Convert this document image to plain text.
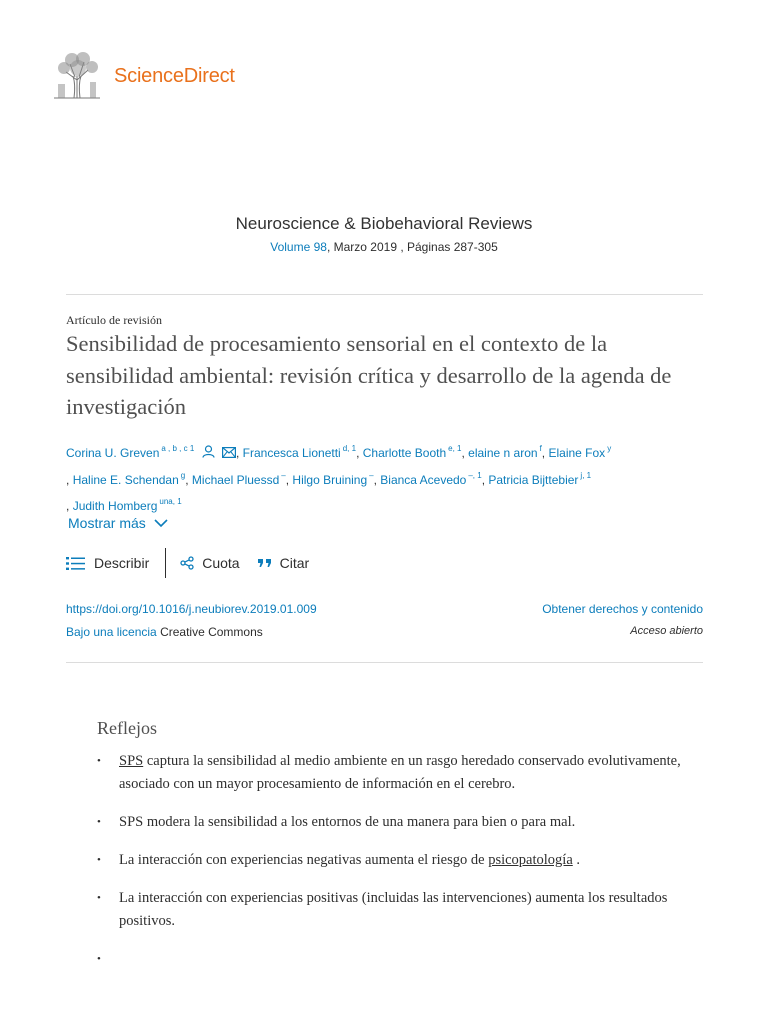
ScienceDirect
Neuroscience & Biobehavioral Reviews
Volume 98, Marzo 2019 , Páginas 287-305
Artículo de revisión
Sensibilidad de procesamiento sensorial en el contexto de la sensibilidad ambiental: revisión crítica y desarrollo de la agenda de investigación
Corina U. Greven $^{a , b , c 1}$	, Francesca Lionetti $^{d, 1}$, Charlotte Booth $^{e, 1}$, elaine n aron $^f$, Elaine Fox $^y$
, Haline E. Schendan $^g$, Michael Pluessd –, Hilgo Bruining –, Bianca Acevedo $^{-, 1}$, Patricia Bijttebier $^{j, 1}$
, Judith Homberg $^{una, 1}$
Mostrar más
Describir	Cuota	Citar
https://doi.org/10.1016/j.neubiorev.2019.01.009
Bajo una licencia Creative Commons
Obtener derechos y contenido
Acceso abierto
Reflejos
• SPS captura la sensibilidad al medio ambiente en un rasgo heredado conservado evolutivamente, asociado con un mayor procesamiento de información en el cerebro.
• SPS modera la sensibilidad a los entornos de una manera para bien o para mal.
• La interacción con experiencias negativas aumenta el riesgo de psicopatología .
• La interacción con experiencias positivas (incluidas las intervenciones) aumenta los resultados positivos.
•
